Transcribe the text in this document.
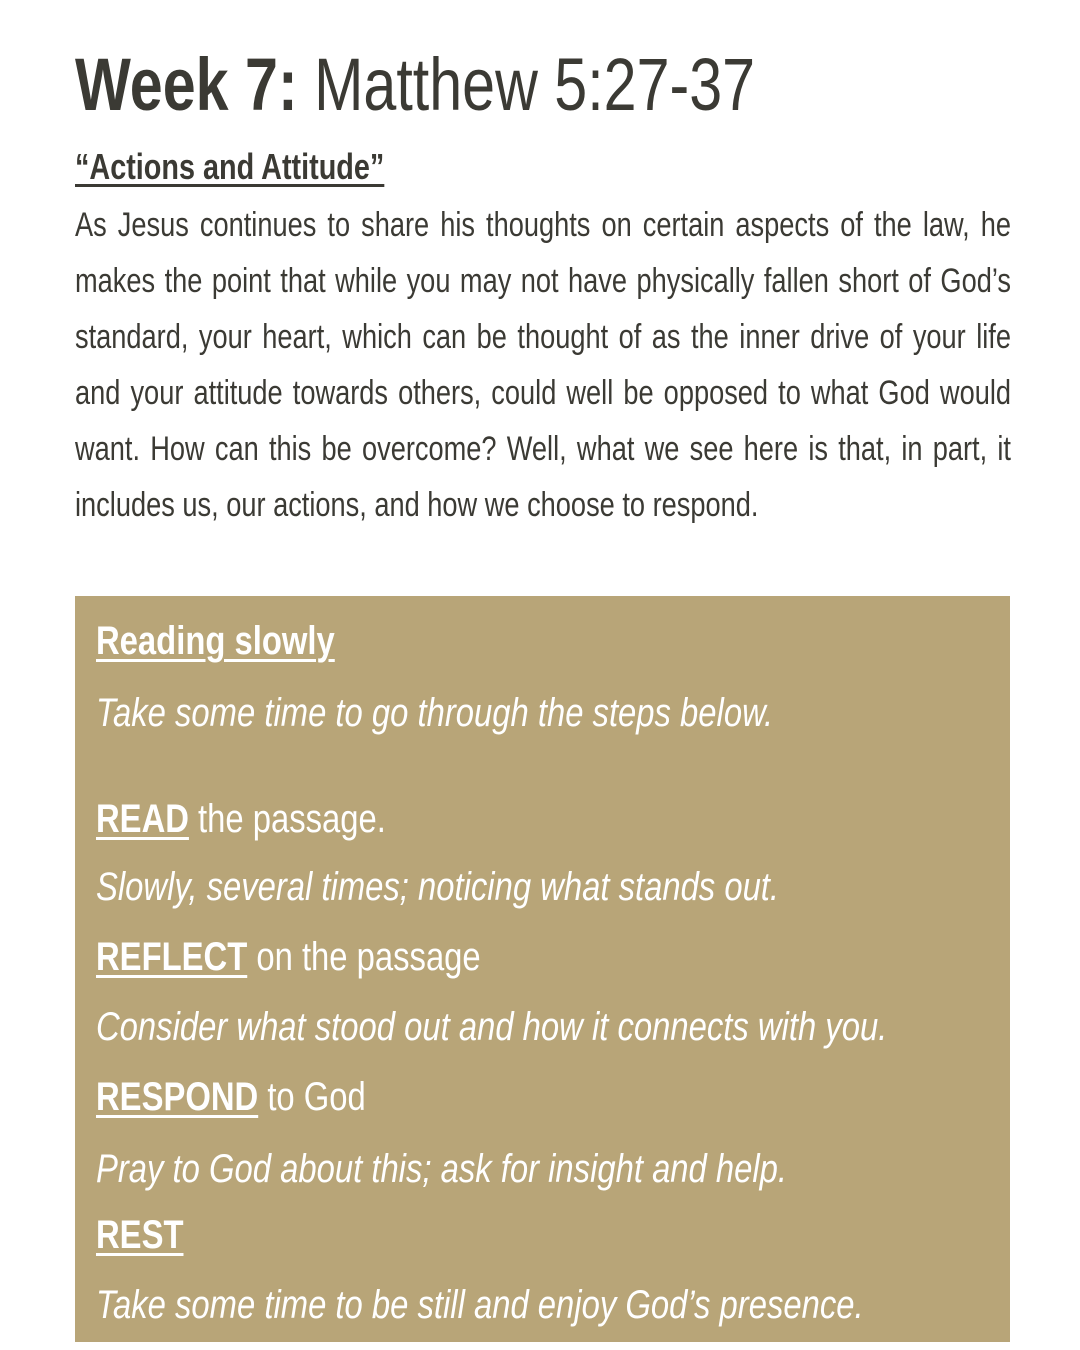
Week 7: Matthew 5:27-37
“Actions and Attitude”

As Jesus continues to share his thoughts on certain aspects of the law, he makes the point that while you may not have physically fallen short of God’s standard, your heart, which can be thought of as the inner drive of your life and your attitude towards others, could well be opposed to what God would want. How can this be overcome? Well, what we see here is that, in part, it includes us, our actions, and how we choose to respond.

Reading slowly
Take some time to go through the steps below.
READ the passage.
Slowly, several times; noticing what stands out.
REFLECT on the passage
Consider what stood out and how it connects with you.
RESPOND to God
Pray to God about this; ask for insight and help.
REST
Take some time to be still and enjoy God’s presence.
